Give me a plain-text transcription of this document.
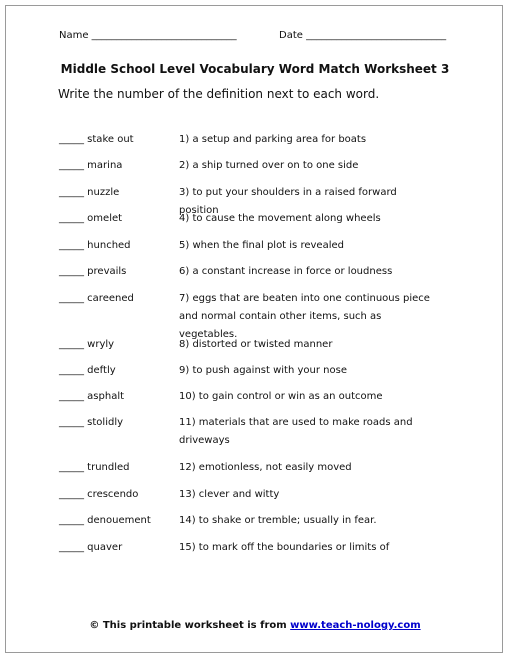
Name _____________________________	Date ____________________________
Middle School Level Vocabulary Word Match Worksheet 3
Write the number of the definition next to each word.
_____ stake out	1) a setup and parking area for boats
_____ marina	2) a ship turned over on to one side
_____ nuzzle	3) to put your shoulders in a raised forward position
_____ omelet	4) to cause the movement along wheels
_____ hunched	5) when the final plot is revealed
_____ prevails	6) a constant increase in force or loudness
_____ careened	7) eggs that are beaten into one continuous piece and normal contain other items, such as vegetables.
_____ wryly	8) distorted or twisted manner
_____ deftly	9) to push against with your nose
_____ asphalt	10) to gain control or win as an outcome
_____ stolidly	11) materials that are used to make roads and driveways
_____ trundled	12) emotionless, not easily moved
_____ crescendo	13) clever and witty
_____ denouement	14) to shake or tremble; usually in fear.
_____ quaver	15) to mark off the boundaries or limits of
© This printable worksheet is from www.teach-nology.com
